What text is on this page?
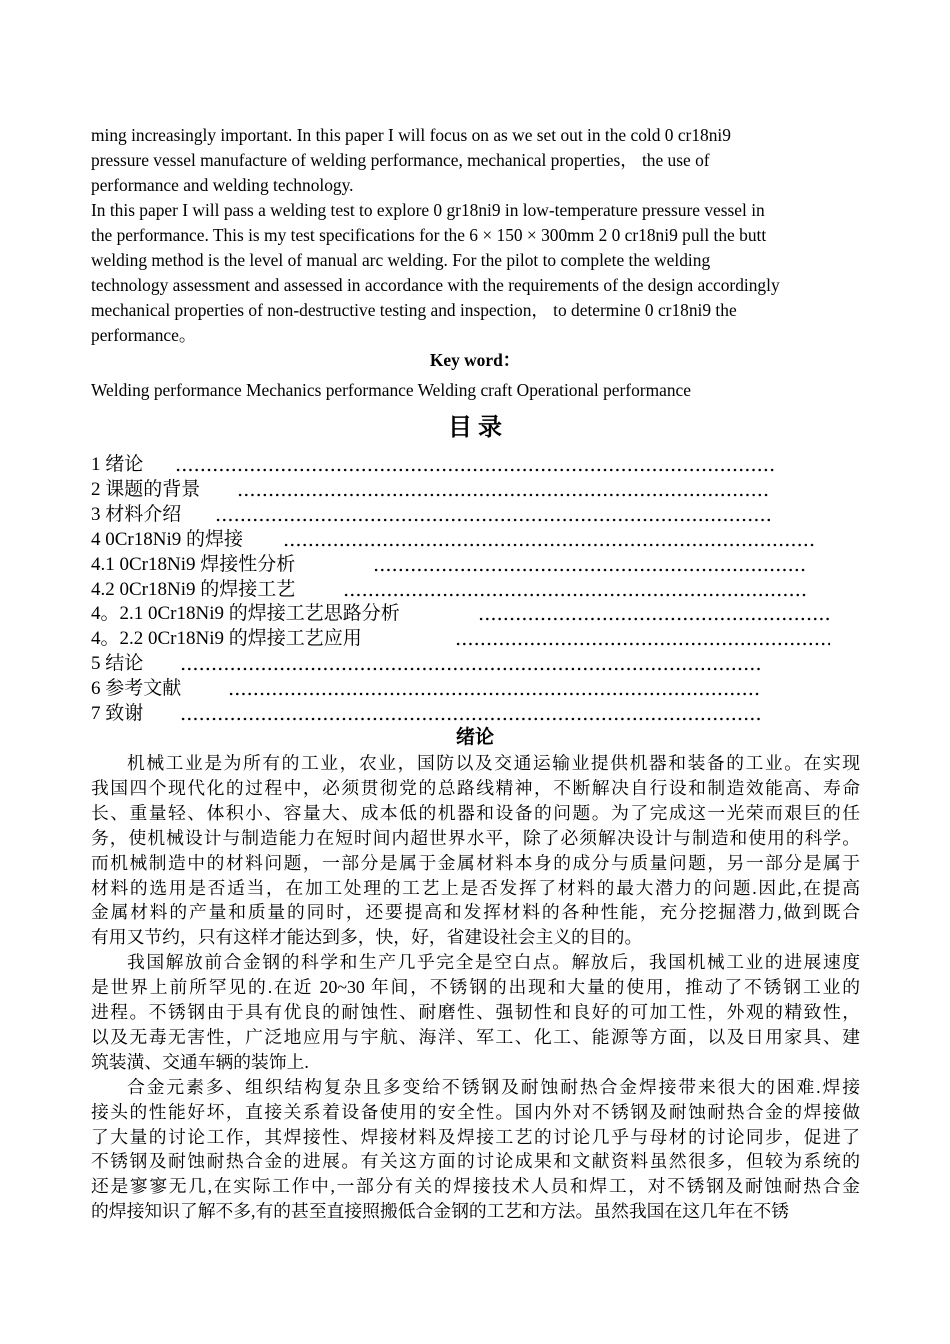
ming increasingly important. In this paper I will focus on as we set out in the cold 0 cr18ni9
pressure vessel manufacture of welding performance, mechanical properties， the use of
performance and welding technology.
In this paper I will pass a welding test to explore 0 gr18ni9 in low-temperature pressure vessel in
the performance. This is my test specifications for the 6 × 150 × 300mm 2 0 cr18ni9 pull the butt
welding method is the level of manual arc welding. For the pilot to complete the welding
technology assessment and assessed in accordance with the requirements of the design accordingly
mechanical properties of non-destructive testing and inspection， to determine 0 cr18ni9 the
performance。
Key word：
Welding performance Mechanics performance Welding craft Operational performance
目 录
1 绪论
2 课题的背景
3 材料介绍
4 0Cr18Ni9 的焊接
4.1 0Cr18Ni9 焊接性分析
4.2 0Cr18Ni9 的焊接工艺
4。2.1 0Cr18Ni9 的焊接工艺思路分析
4。2.2 0Cr18Ni9 的焊接工艺应用
5 结论
6 参考文献
7 致谢
绪论
机械工业是为所有的工业，农业，国防以及交通运输业提供机器和装备的工业。在实现
我国四个现代化的过程中，必须贯彻党的总路线精神，不断解决自行设和制造效能高、寿命
长、重量轻、体积小、容量大、成本低的机器和设备的问题。为了完成这一光荣而艰巨的任
务，使机械设计与制造能力在短时间内超世界水平，除了必须解决设计与制造和使用的科学。
而机械制造中的材料问题，一部分是属于金属材料本身的成分与质量问题，另一部分是属于
材料的选用是否适当，在加工处理的工艺上是否发挥了材料的最大潜力的问题.因此,在提高
金属材料的产量和质量的同时，还要提高和发挥材料的各种性能，充分挖掘潜力,做到既合
有用又节约，只有这样才能达到多，快，好，省建设社会主义的目的。
我国解放前合金钢的科学和生产几乎完全是空白点。解放后，我国机械工业的进展速度
是世界上前所罕见的.在近 20~30 年间，不锈钢的出现和大量的使用，推动了不锈钢工业的
进程。不锈钢由于具有优良的耐蚀性、耐磨性、强韧性和良好的可加工性，外观的精致性，
以及无毒无害性，广泛地应用与宇航、海洋、军工、化工、能源等方面，以及日用家具、建
筑装潢、交通车辆的装饰上.
合金元素多、组织结构复杂且多变给不锈钢及耐蚀耐热合金焊接带来很大的困难.焊接
接头的性能好坏，直接关系着设备使用的安全性。国内外对不锈钢及耐蚀耐热合金的焊接做
了大量的讨论工作，其焊接性、焊接材料及焊接工艺的讨论几乎与母材的讨论同步，促进了
不锈钢及耐蚀耐热合金的进展。有关这方面的讨论成果和文献资料虽然很多，但较为系统的
还是寥寥无几,在实际工作中,一部分有关的焊接技术人员和焊工，对不锈钢及耐蚀耐热合金
的焊接知识了解不多,有的甚至直接照搬低合金钢的工艺和方法。虽然我国在这几年在不锈
